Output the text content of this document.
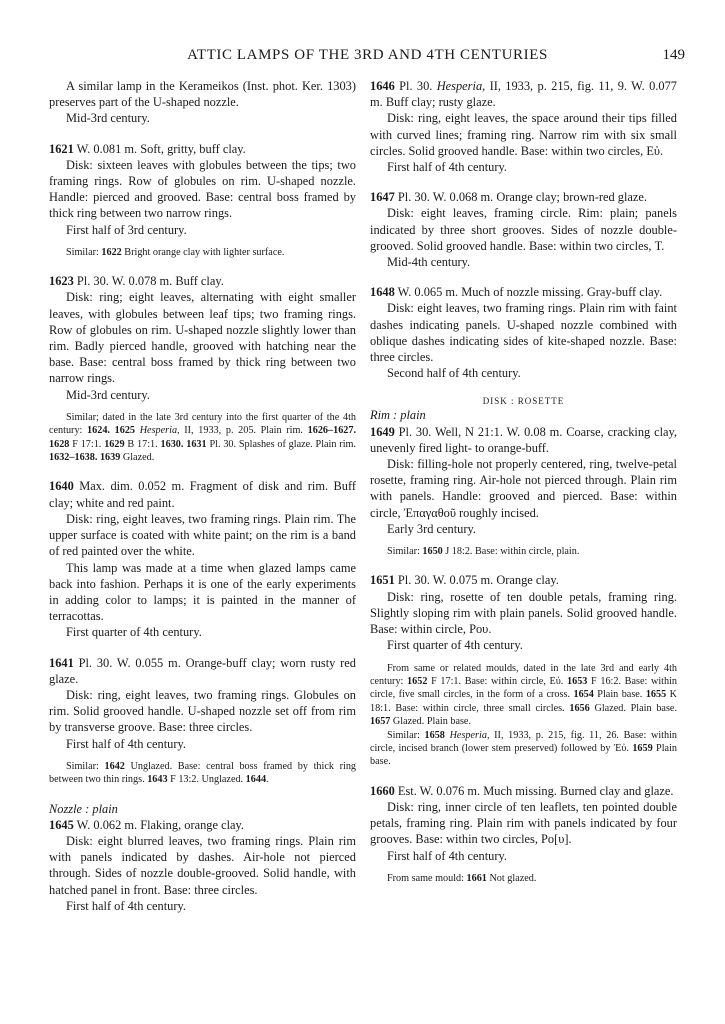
ATTIC LAMPS OF THE 3RD AND 4TH CENTURIES	149

A similar lamp in the Kerameikos (Inst. phot. Ker. 1303) preserves part of the U-shaped nozzle.

Mid-3rd century.

1621 W. 0.081 m. Soft, gritty, buff clay.

Disk: sixteen leaves with globules between the tips; two framing rings. Row of globules on rim. U-shaped nozzle. Handle: pierced and grooved. Base: central boss framed by thick ring between two narrow rings.

First half of 3rd century.

Similar: 1622 Bright orange clay with lighter surface.

1623 Pl. 30. W. 0.078 m. Buff clay.

Disk: ring; eight leaves, alternating with eight smaller leaves, with globules between leaf tips; two framing rings. Row of globules on rim. U-shaped nozzle slightly lower than rim. Badly pierced handle, grooved with hatching near the base. Base: central boss framed by thick ring between two narrow rings.

Mid-3rd century.

Similar; dated in the late 3rd century into the first quarter of the 4th century: 1624. 1625 Hesperia, II, 1933, p. 205. Plain rim. 1626–1627. 1628 F 17:1. 1629 B 17:1. 1630. 1631 Pl. 30. Splashes of glaze. Plain rim. 1632–1638. 1639 Glazed.

1640 Max. dim. 0.052 m. Fragment of disk and rim. Buff clay; white and red paint.

Disk: ring, eight leaves, two framing rings. Plain rim. The upper surface is coated with white paint; on the rim is a band of red painted over the white.

This lamp was made at a time when glazed lamps came back into fashion. Perhaps it is one of the early experiments in adding color to lamps; it is painted in the manner of terracottas.

First quarter of 4th century.

1641 Pl. 30. W. 0.055 m. Orange-buff clay; worn rusty red glaze.

Disk: ring, eight leaves, two framing rings. Globules on rim. Solid grooved handle. U-shaped nozzle set off from rim by transverse groove. Base: three circles.

First half of 4th century.

Similar: 1642 Unglazed. Base: central boss framed by thick ring between two thin rings. 1643 F 13:2. Unglazed. 1644.

Nozzle : plain

1645 W. 0.062 m. Flaking, orange clay.

Disk: eight blurred leaves, two framing rings. Plain rim with panels indicated by dashes. Air-hole not pierced through. Sides of nozzle double-grooved. Solid handle, with hatched panel in front. Base: three circles.

First half of 4th century.

1646 Pl. 30. Hesperia, II, 1933, p. 215, fig. 11, 9. W. 0.077 m. Buff clay; rusty glaze.

Disk: ring, eight leaves, the space around their tips filled with curved lines; framing ring. Narrow rim with six small circles. Solid grooved handle. Base: within two circles, Εὐ.

First half of 4th century.

1647 Pl. 30. W. 0.068 m. Orange clay; brown-red glaze.

Disk: eight leaves, framing circle. Rim: plain; panels indicated by three short grooves. Sides of nozzle double-grooved. Solid grooved handle. Base: within two circles, Τ.

Mid-4th century.

1648 W. 0.065 m. Much of nozzle missing. Gray-buff clay.

Disk: eight leaves, two framing rings. Plain rim with faint dashes indicating panels. U-shaped nozzle combined with oblique dashes indicating sides of kite-shaped nozzle. Base: three circles.

Second half of 4th century.

DISK : ROSETTE

Rim : plain

1649 Pl. 30. Well, N 21:1. W. 0.08 m. Coarse, cracking clay, unevenly fired light- to orange-buff.

Disk: filling-hole not properly centered, ring, twelve-petal rosette, framing ring. Air-hole not pierced through. Plain rim with panels. Handle: grooved and pierced. Base: within circle, Ἐπαγαθοῦ roughly incised.

Early 3rd century.

Similar: 1650 J 18:2. Base: within circle, plain.

1651 Pl. 30. W. 0.075 m. Orange clay.

Disk: ring, rosette of ten double petals, framing ring. Slightly sloping rim with plain panels. Solid grooved handle. Base: within circle, Ρου.

First quarter of 4th century.

From same or related moulds, dated in the late 3rd and early 4th century: 1652 F 17:1. Base: within circle, Εὐ. 1653 F 16:2. Base: within circle, five small circles, in the form of a cross. 1654 Plain base. 1655 K 18:1. Base: within circle, three small circles. 1656 Glazed. Plain base. 1657 Glazed. Plain base.

Similar: 1658 Hesperia, II, 1933, p. 215, fig. 11, 26. Base: within circle, incised branch (lower stem preserved) followed by Ἐὐ. 1659 Plain base.

1660 Est. W. 0.076 m. Much missing. Burned clay and glaze.

Disk: ring, inner circle of ten leaflets, ten pointed double petals, framing ring. Plain rim with panels indicated by four grooves. Base: within two circles, Ρο[υ].

First half of 4th century.

From same mould: 1661 Not glazed.
